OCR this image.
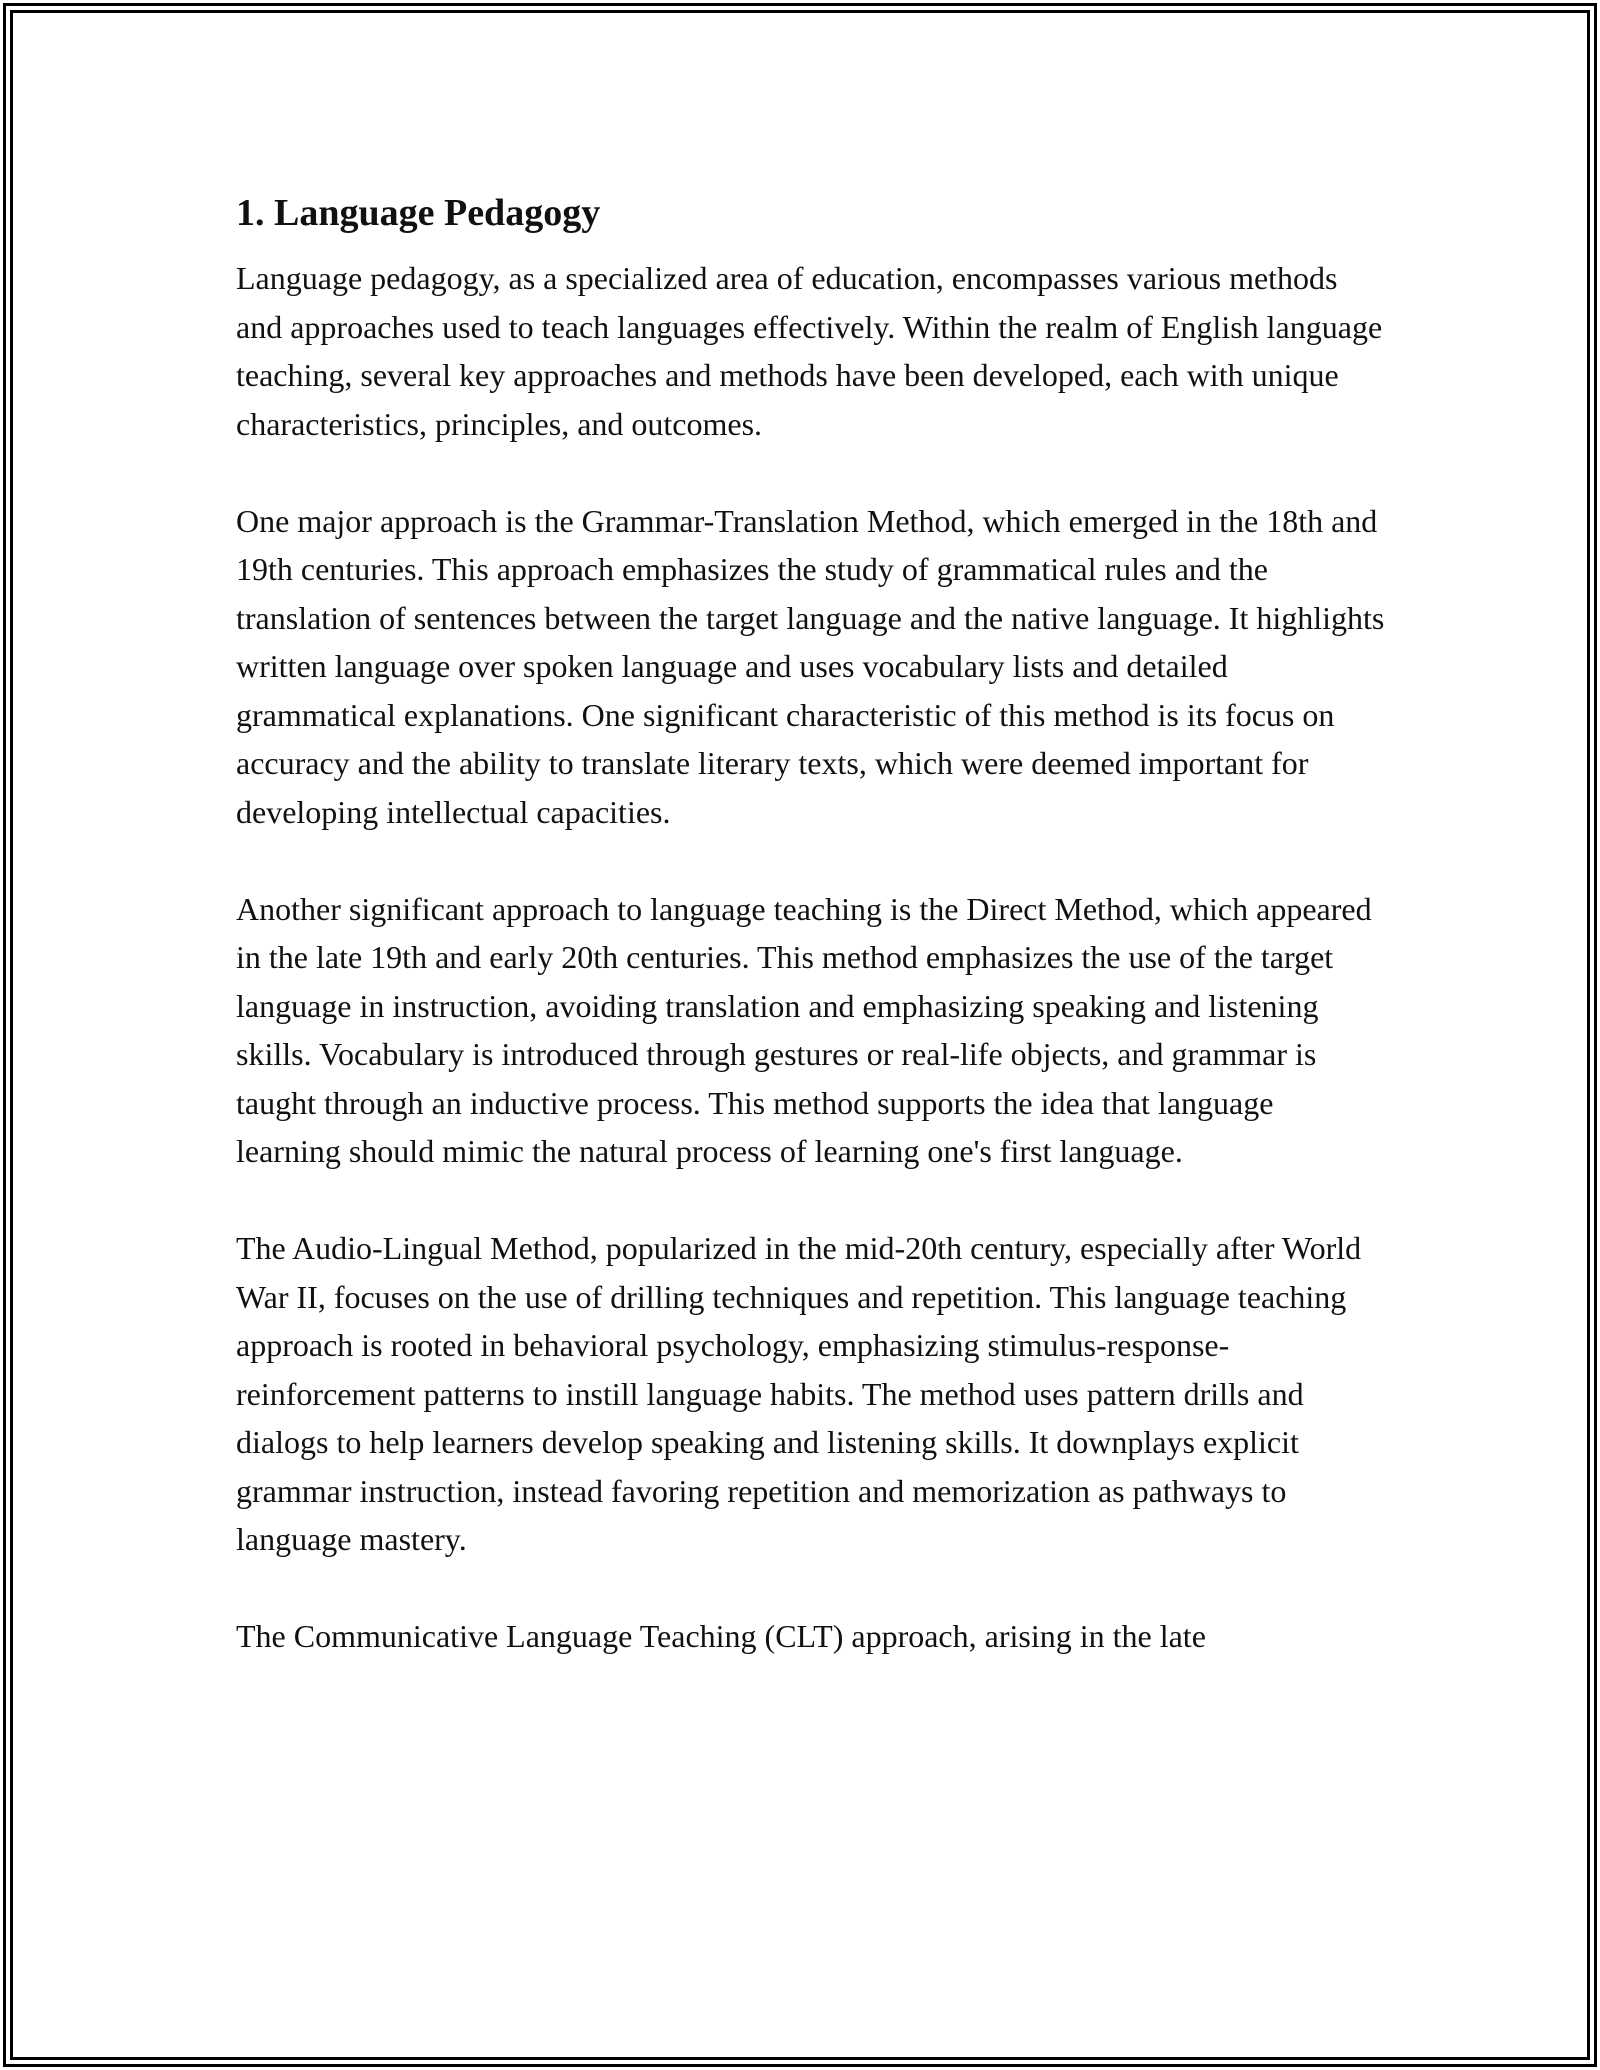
1. Language Pedagogy

Language pedagogy, as a specialized area of education, encompasses various methods and approaches used to teach languages effectively. Within the realm of English language teaching, several key approaches and methods have been developed, each with unique characteristics, principles, and outcomes.

One major approach is the Grammar-Translation Method, which emerged in the 18th and 19th centuries. This approach emphasizes the study of grammatical rules and the translation of sentences between the target language and the native language. It highlights written language over spoken language and uses vocabulary lists and detailed grammatical explanations. One significant characteristic of this method is its focus on accuracy and the ability to translate literary texts, which were deemed important for developing intellectual capacities.

Another significant approach to language teaching is the Direct Method, which appeared in the late 19th and early 20th centuries. This method emphasizes the use of the target language in instruction, avoiding translation and emphasizing speaking and listening skills. Vocabulary is introduced through gestures or real-life objects, and grammar is taught through an inductive process. This method supports the idea that language learning should mimic the natural process of learning one's first language.

The Audio-Lingual Method, popularized in the mid-20th century, especially after World War II, focuses on the use of drilling techniques and repetition. This language teaching approach is rooted in behavioral psychology, emphasizing stimulus-response-reinforcement patterns to instill language habits. The method uses pattern drills and dialogs to help learners develop speaking and listening skills. It downplays explicit grammar instruction, instead favoring repetition and memorization as pathways to language mastery.

The Communicative Language Teaching (CLT) approach, arising in the late
